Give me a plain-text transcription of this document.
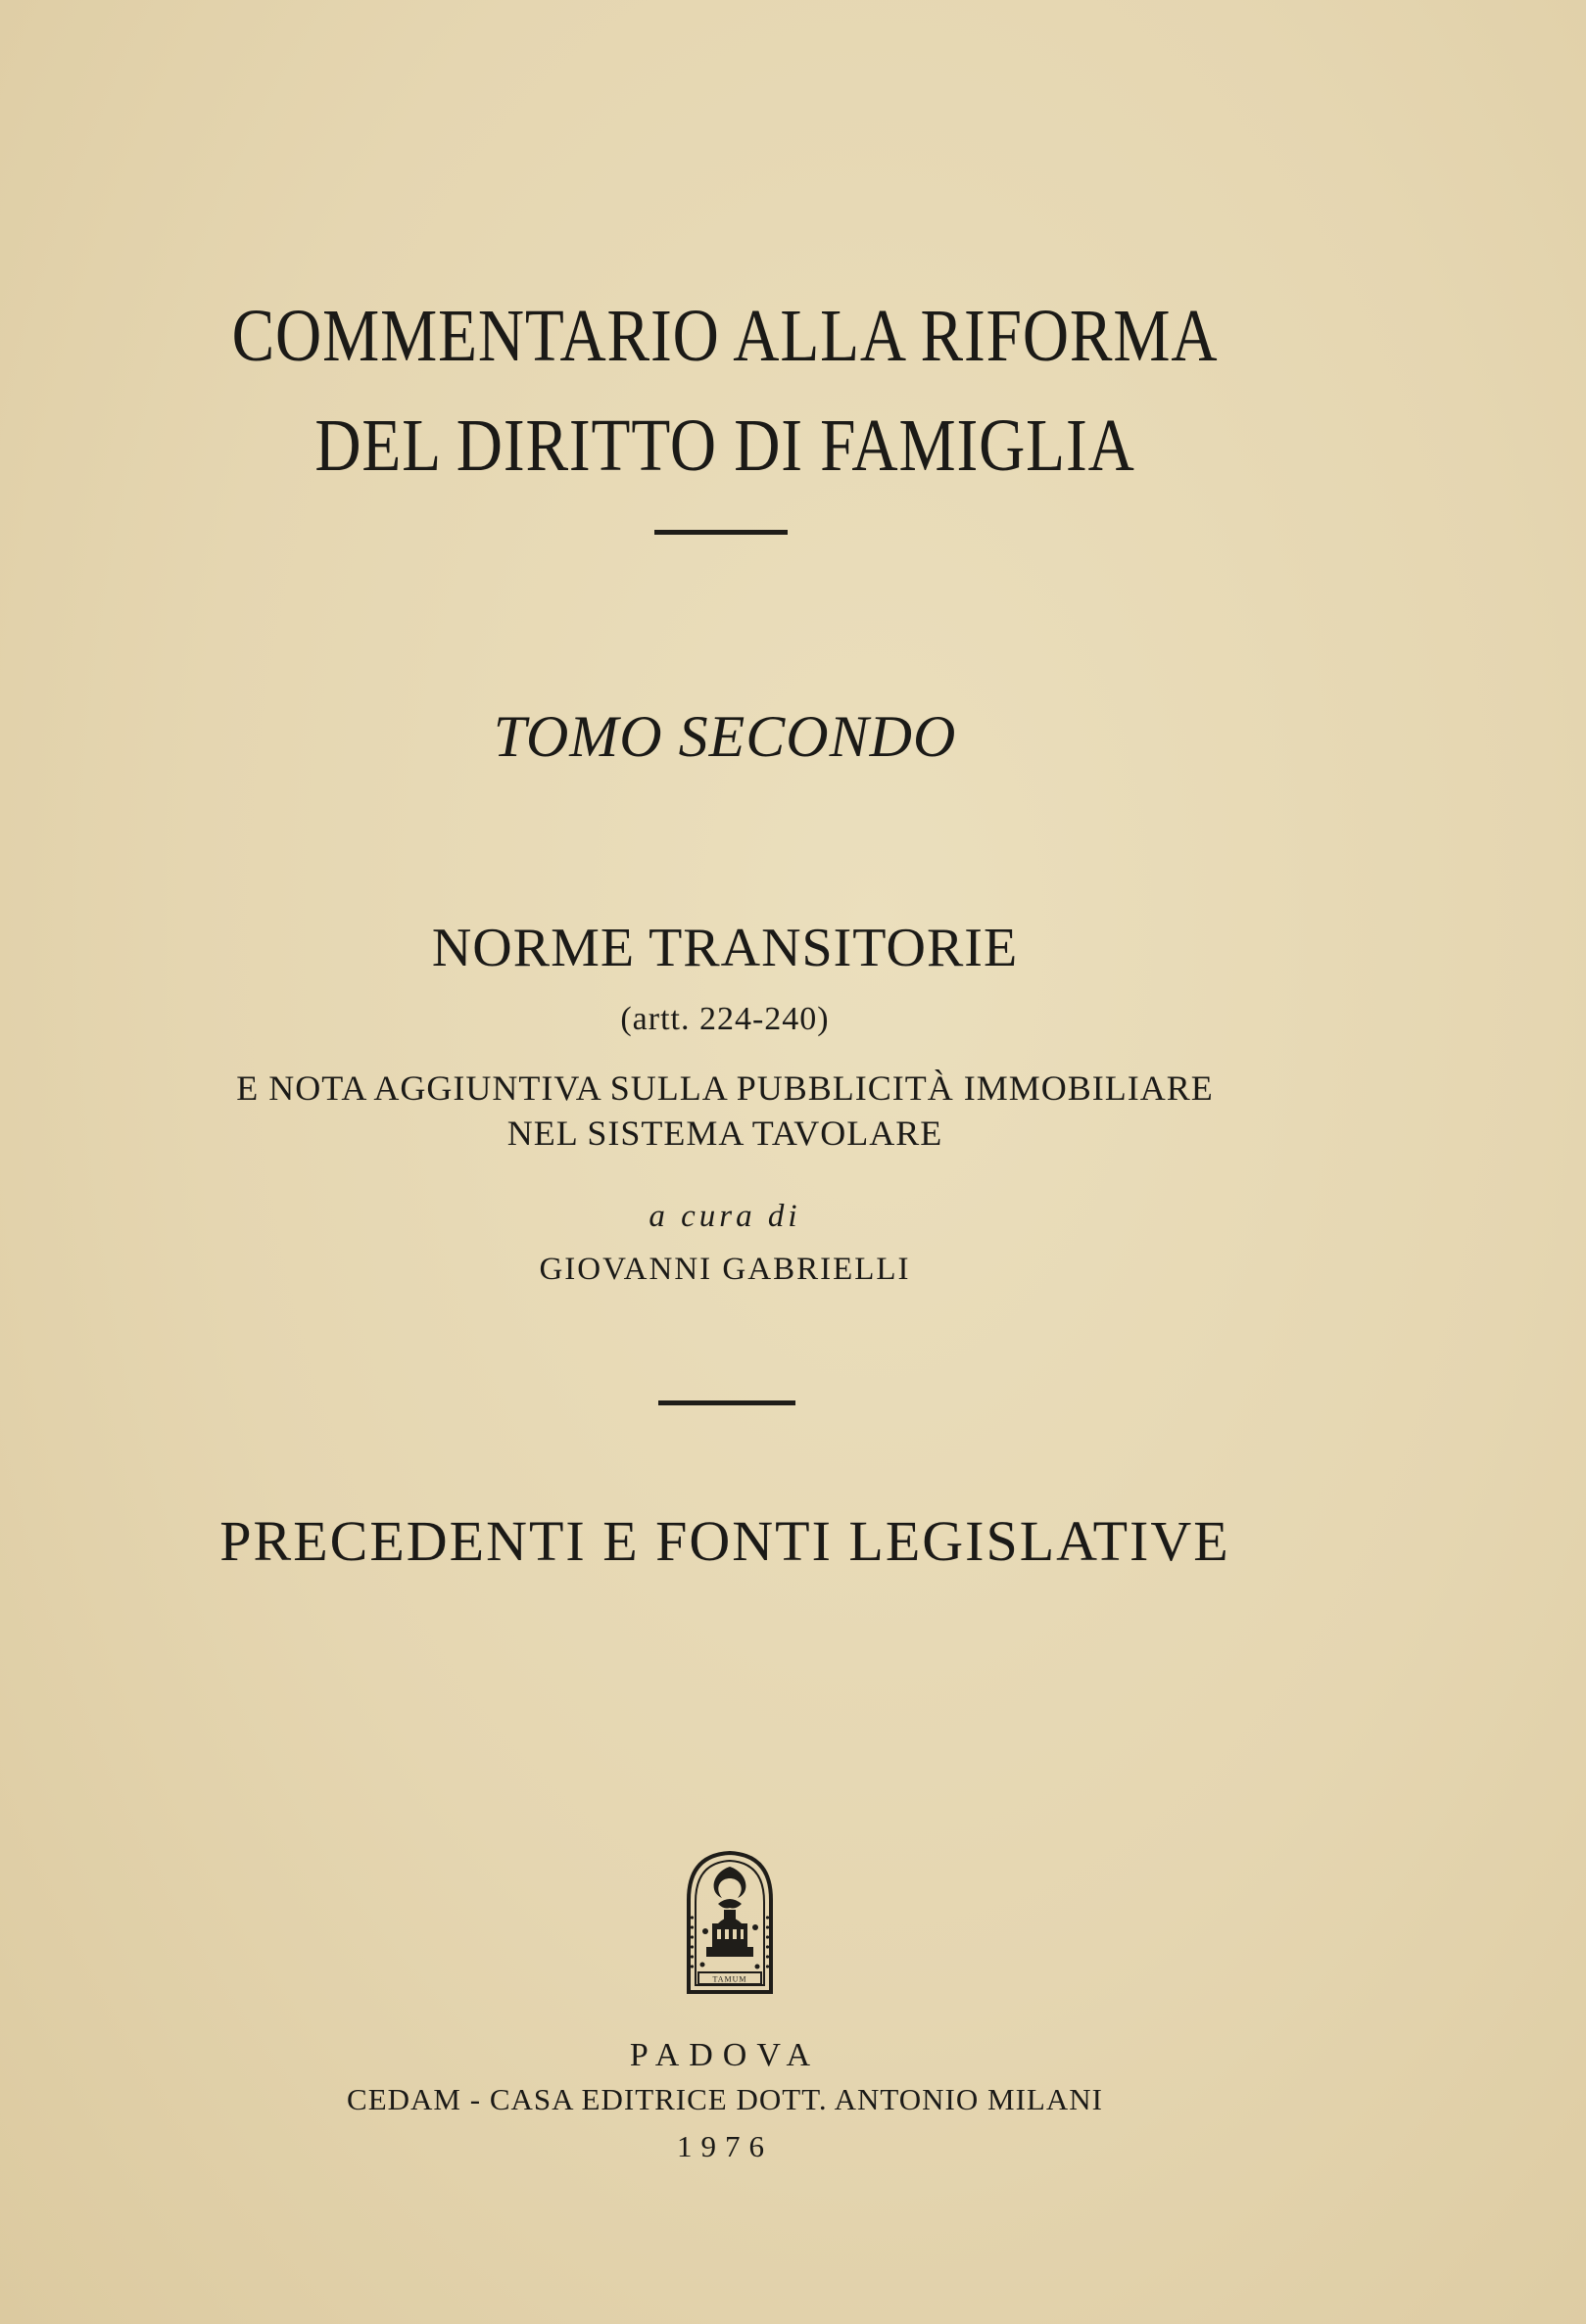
COMMENTARIO ALLA RIFORMA
DEL DIRITTO DI FAMIGLIA
TOMO SECONDO
NORME TRANSITORIE
(artt. 224-240)
E NOTA AGGIUNTIVA SULLA PUBBLICITÀ IMMOBILIARE
NEL SISTEMA TAVOLARE
a cura di
GIOVANNI GABRIELLI
PRECEDENTI E FONTI LEGISLATIVE
TAMUM
PADOVA
CEDAM - CASA EDITRICE DOTT. ANTONIO MILANI
1976
